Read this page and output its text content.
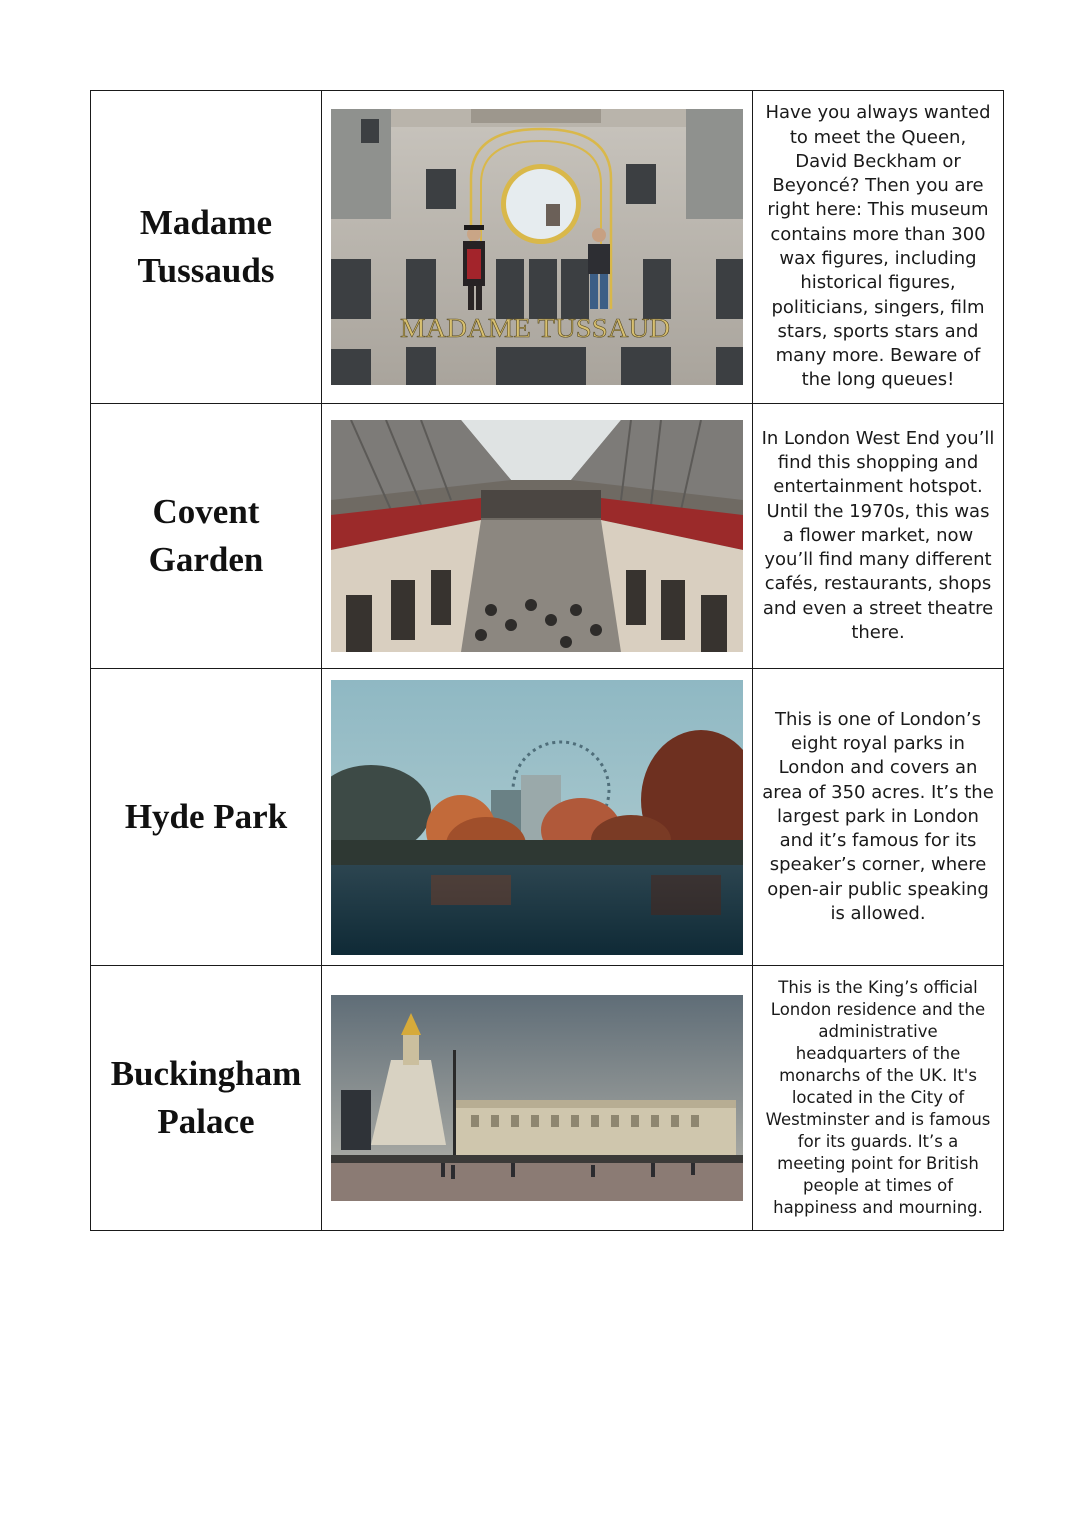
Madame
Tussauds	MADAME TUSSAUD	Have you always wanted to meet the Queen, David Beckham or Beyoncé? Then you are right here: This museum contains more than 300 wax figures, including historical figures, politicians, singers, film stars, sports stars and many more. Beware of the long queues!

Covent
Garden		In London West End you’ll find this shopping and entertainment hotspot. Until the 1970s, this was a flower market, now you’ll find many different cafés, restaurants, shops and even a street theatre there.

Hyde Park		This is one of London’s eight royal parks in London and covers an area of 350 acres. It’s the largest park in London and it’s famous for its speaker’s corner, where open-air public speaking is allowed.

Buckingham
Palace		This is the King’s official London residence and the administrative headquarters of the monarchs of the UK. It's located in the City of Westminster and is famous for its guards. It’s a meeting point for British people at times of happiness and mourning.
